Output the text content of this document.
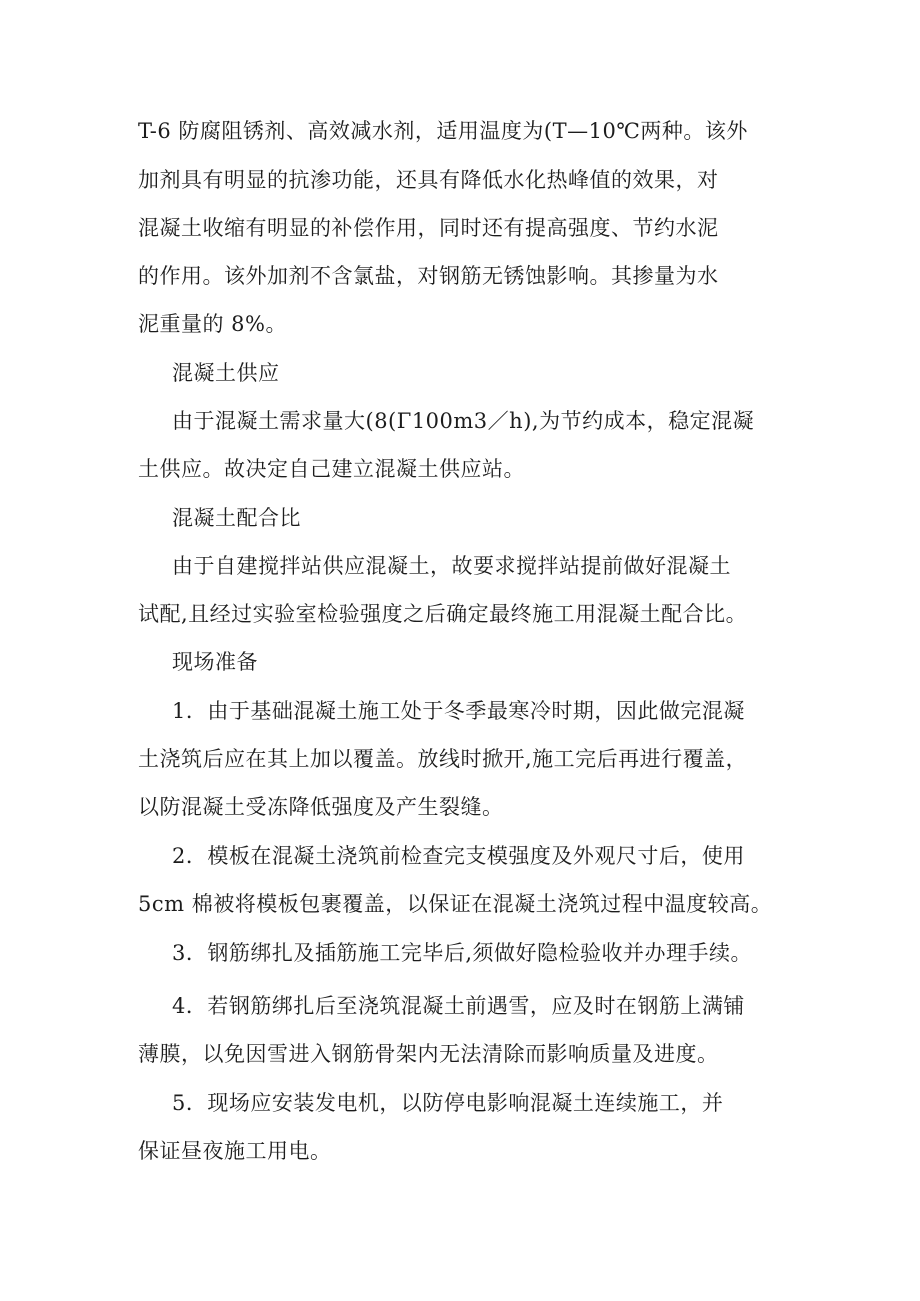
T-6 防腐阻锈剂、高效减水剂，适用温度为(T—10℃两种。该外
加剂具有明显的抗渗功能，还具有降低水化热峰值的效果，对
混凝土收缩有明显的补偿作用，同时还有提高强度、节约水泥
的作用。该外加剂不含氯盐，对钢筋无锈蚀影响。其掺量为水
泥重量的 8%。
混凝土供应
由于混凝土需求量大(8(Γ100m3／h),为节约成本，稳定混凝
土供应。故决定自己建立混凝土供应站。
混凝土配合比
由于自建搅拌站供应混凝土，故要求搅拌站提前做好混凝土
试配,且经过实验室检验强度之后确定最终施工用混凝土配合比。
现场准备
1．由于基础混凝土施工处于冬季最寒冷时期，因此做完混凝
土浇筑后应在其上加以覆盖。放线时掀开,施工完后再进行覆盖，
以防混凝土受冻降低强度及产生裂缝。
2．模板在混凝土浇筑前检查完支模强度及外观尺寸后，使用
5cm 棉被将模板包裹覆盖，以保证在混凝土浇筑过程中温度较高。
3．钢筋绑扎及插筋施工完毕后,须做好隐检验收并办理手续。
4．若钢筋绑扎后至浇筑混凝土前遇雪，应及时在钢筋上满铺
薄膜，以免因雪进入钢筋骨架内无法清除而影响质量及进度。
5．现场应安装发电机，以防停电影响混凝土连续施工，并
保证昼夜施工用电。
